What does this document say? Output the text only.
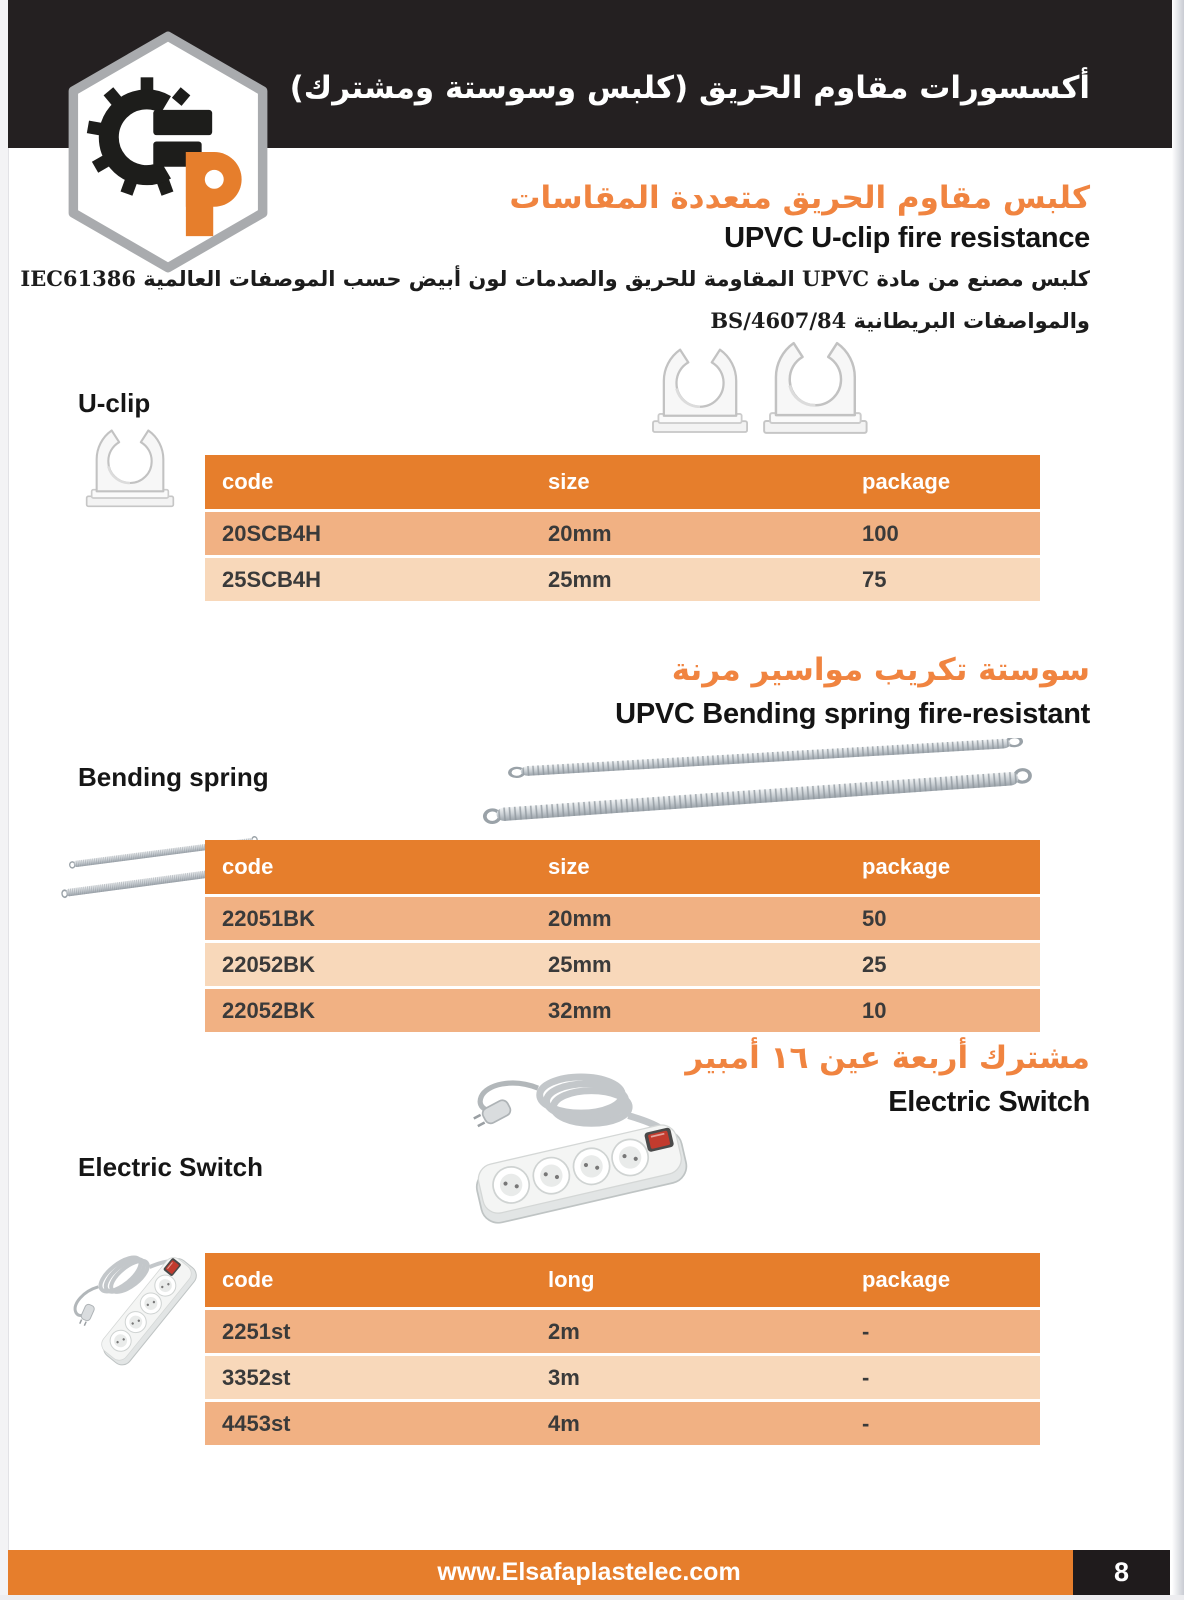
أكسسورات مقاوم الحريق (كلبس وسوستة ومشترك)
كلبس مقاوم الحريق متعددة المقاسات
UPVC U-clip fire resistance
كلبس مصنع من مادة UPVC المقاومة للحريق والصدمات لون أبيض حسب الموصفات العالمية IEC61386
والمواصفات البريطانية BS/4607/84
U-clip
code	size	package
20SCB4H	20mm	100
25SCB4H	25mm	75
سوستة تكريب مواسير مرنة
UPVC Bending spring fire-resistant
Bending spring
code	size	package
22051BK	20mm	50
22052BK	25mm	25
22052BK	32mm	10
مشترك أربعة عين ١٦ أمبير
Electric Switch
Electric Switch
code	long	package
2251st	2m	-
3352st	3m	-
4453st	4m	-
www.Elsafaplastelec.com	8
